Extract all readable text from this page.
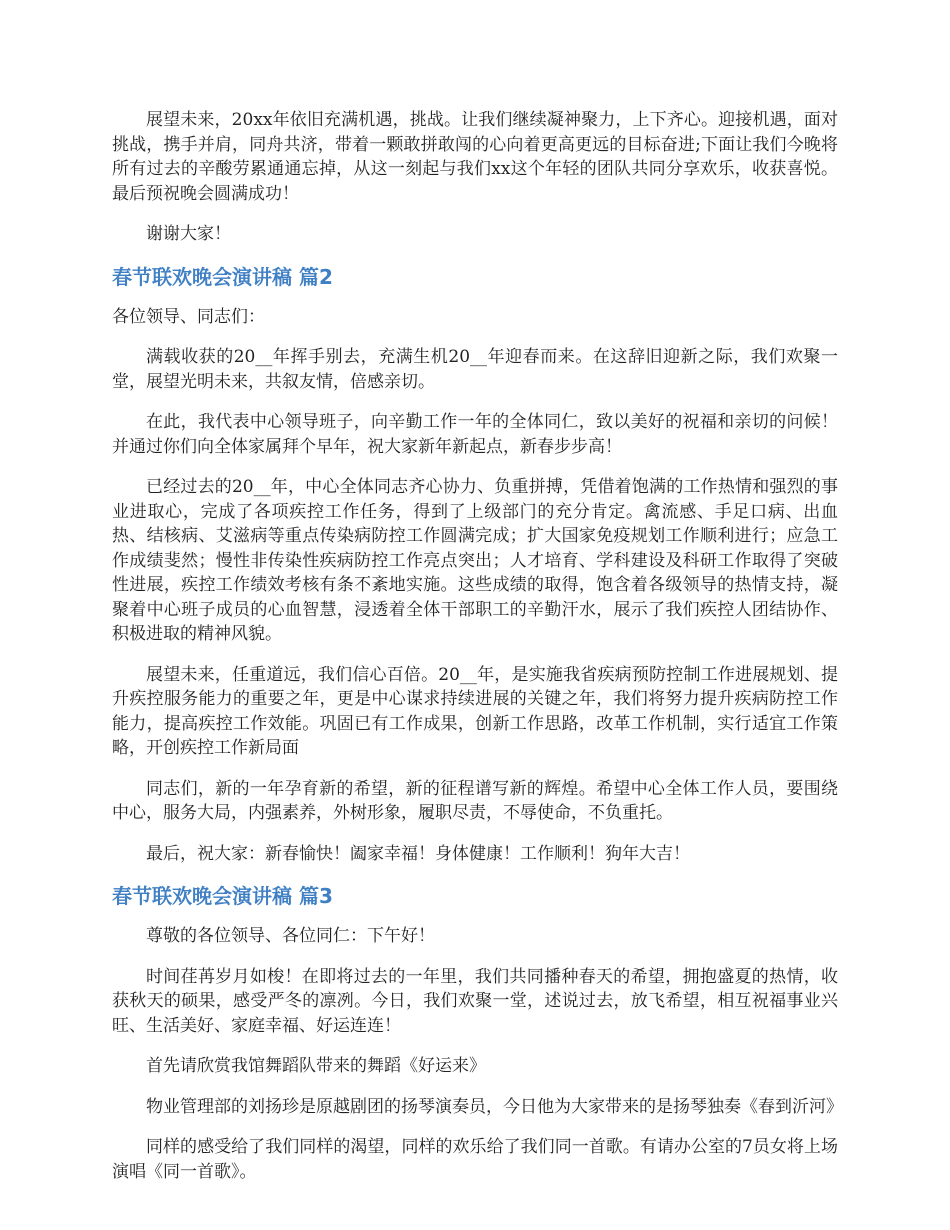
展望未来，20xx年依旧充满机遇，挑战。让我们继续凝神聚力，上下齐心。迎接机遇，面对挑战，携手并肩，同舟共济，带着一颗敢拼敢闯的心向着更高更远的目标奋进;下面让我们今晚将所有过去的辛酸劳累通通忘掉，从这一刻起与我们xx这个年轻的团队共同分享欢乐，收获喜悦。最后预祝晚会圆满成功！

谢谢大家！

春节联欢晚会演讲稿 篇2

各位领导、同志们：

满载收获的20__年挥手别去，充满生机20__年迎春而来。在这辞旧迎新之际，我们欢聚一堂，展望光明未来，共叙友情，倍感亲切。

在此，我代表中心领导班子，向辛勤工作一年的全体同仁，致以美好的祝福和亲切的问候！并通过你们向全体家属拜个早年，祝大家新年新起点，新春步步高！

已经过去的20__年，中心全体同志齐心协力、负重拼搏，凭借着饱满的工作热情和强烈的事业进取心，完成了各项疾控工作任务，得到了上级部门的充分肯定。禽流感、手足口病、出血热、结核病、艾滋病等重点传染病防控工作圆满完成；扩大国家免疫规划工作顺利进行；应急工作成绩斐然；慢性非传染性疾病防控工作亮点突出；人才培育、学科建设及科研工作取得了突破性进展，疾控工作绩效考核有条不紊地实施。这些成绩的取得，饱含着各级领导的热情支持，凝聚着中心班子成员的心血智慧，浸透着全体干部职工的辛勤汗水，展示了我们疾控人团结协作、积极进取的精神风貌。

展望未来，任重道远，我们信心百倍。20__年，是实施我省疾病预防控制工作进展规划、提升疾控服务能力的重要之年，更是中心谋求持续进展的关键之年，我们将努力提升疾病防控工作能力，提高疾控工作效能。巩固已有工作成果，创新工作思路，改革工作机制，实行适宜工作策略，开创疾控工作新局面

同志们，新的一年孕育新的希望，新的征程谱写新的辉煌。希望中心全体工作人员，要围绕中心，服务大局，内强素养，外树形象，履职尽责，不辱使命，不负重托。

最后，祝大家：新春愉快！阖家幸福！身体健康！工作顺利！狗年大吉！

春节联欢晚会演讲稿 篇3

尊敬的各位领导、各位同仁：下午好！

时间荏苒岁月如梭！在即将过去的一年里，我们共同播种春天的希望，拥抱盛夏的热情，收获秋天的硕果，感受严冬的凛冽。今日，我们欢聚一堂，述说过去，放飞希望，相互祝福事业兴旺、生活美好、家庭幸福、好运连连！

首先请欣赏我馆舞蹈队带来的舞蹈《好运来》

物业管理部的刘扬珍是原越剧团的扬琴演奏员，今日他为大家带来的是扬琴独奏《春到沂河》

同样的感受给了我们同样的渴望，同样的欢乐给了我们同一首歌。有请办公室的7员女将上场演唱《同一首歌》。
